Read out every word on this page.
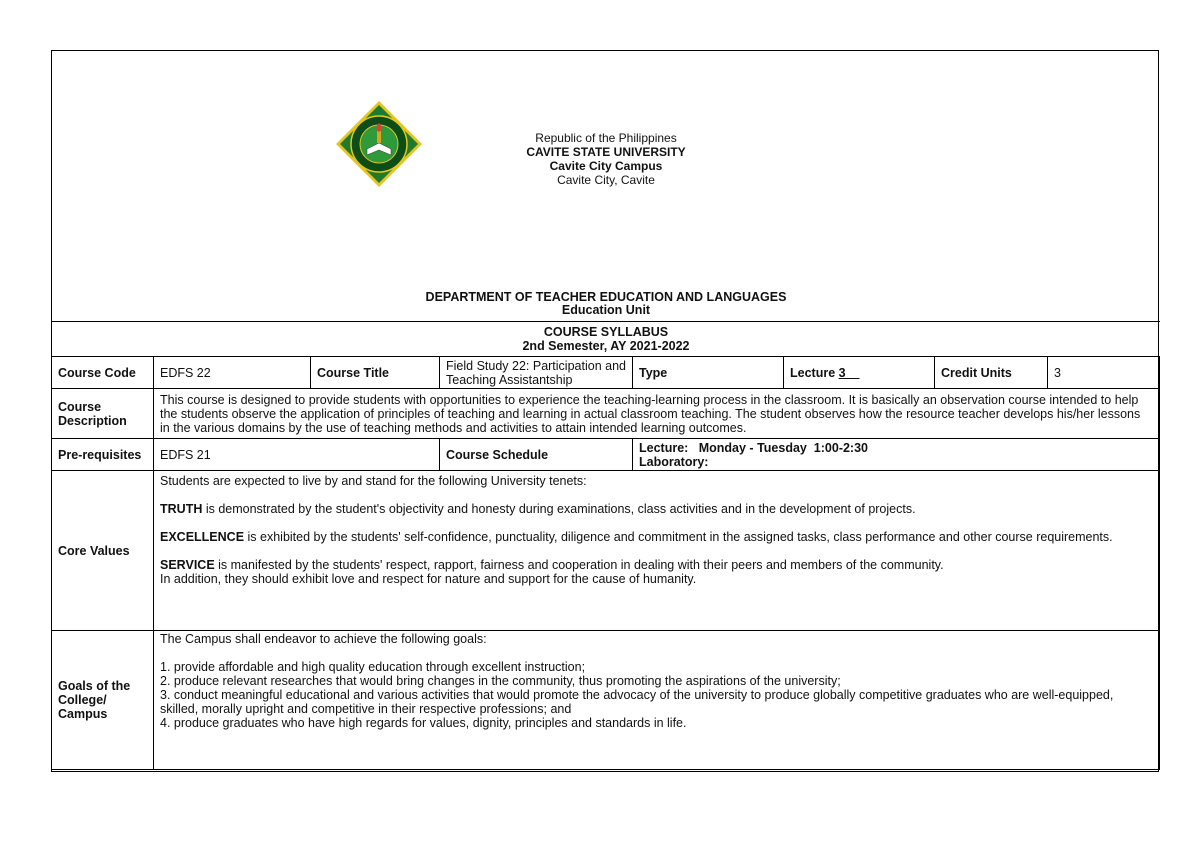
Republic of the Philippines
CAVITE STATE UNIVERSITY
Cavite City Campus
Cavite City, Cavite
DEPARTMENT OF TEACHER EDUCATION AND LANGUAGES
Education Unit
COURSE SYLLABUS
2nd Semester, AY 2021-2022
Course Code	EDFS 22	Course Title	Field Study 22: Participation and Teaching Assistantship	Type	Lecture 3__	Credit Units	3
Course Description	This course is designed to provide students with opportunities to experience the teaching-learning process in the classroom. It is basically an observation course intended to help the students observe the application of principles of teaching and learning in actual classroom teaching. The student observes how the resource teacher develops his/her lessons in the various domains by the use of teaching methods and activities to attain intended learning outcomes.						
Pre-requisites	EDFS 21		Course Schedule	Lecture:   Monday - Tuesday  1:00-2:30
Laboratory:			

Core Values	Students are expected to live by and stand for the following University tenets:

TRUTH is demonstrated by the student's objectivity and honesty during examinations, class activities and in the development of projects.

EXCELLENCE is exhibited by the students' self-confidence, punctuality, diligence and commitment in the assigned tasks, class performance and other course requirements.

SERVICE is manifested by the students' respect, rapport, fairness and cooperation in dealing with their peers and members of the community.

In addition, they should exhibit love and respect for nature and support for the cause of humanity.						

Goals of the College/ Campus	The Campus shall endeavor to achieve the following goals:

1. provide affordable and high quality education through excellent instruction;

2. produce relevant researches that would bring changes in the community, thus promoting the aspirations of the university;

3. conduct meaningful educational and various activities that would promote the advocacy of the university to produce globally competitive graduates who are well-equipped, skilled, morally upright and competitive in their respective professions; and

4. produce graduates who have high regards for values, dignity, principles and standards in life.						
